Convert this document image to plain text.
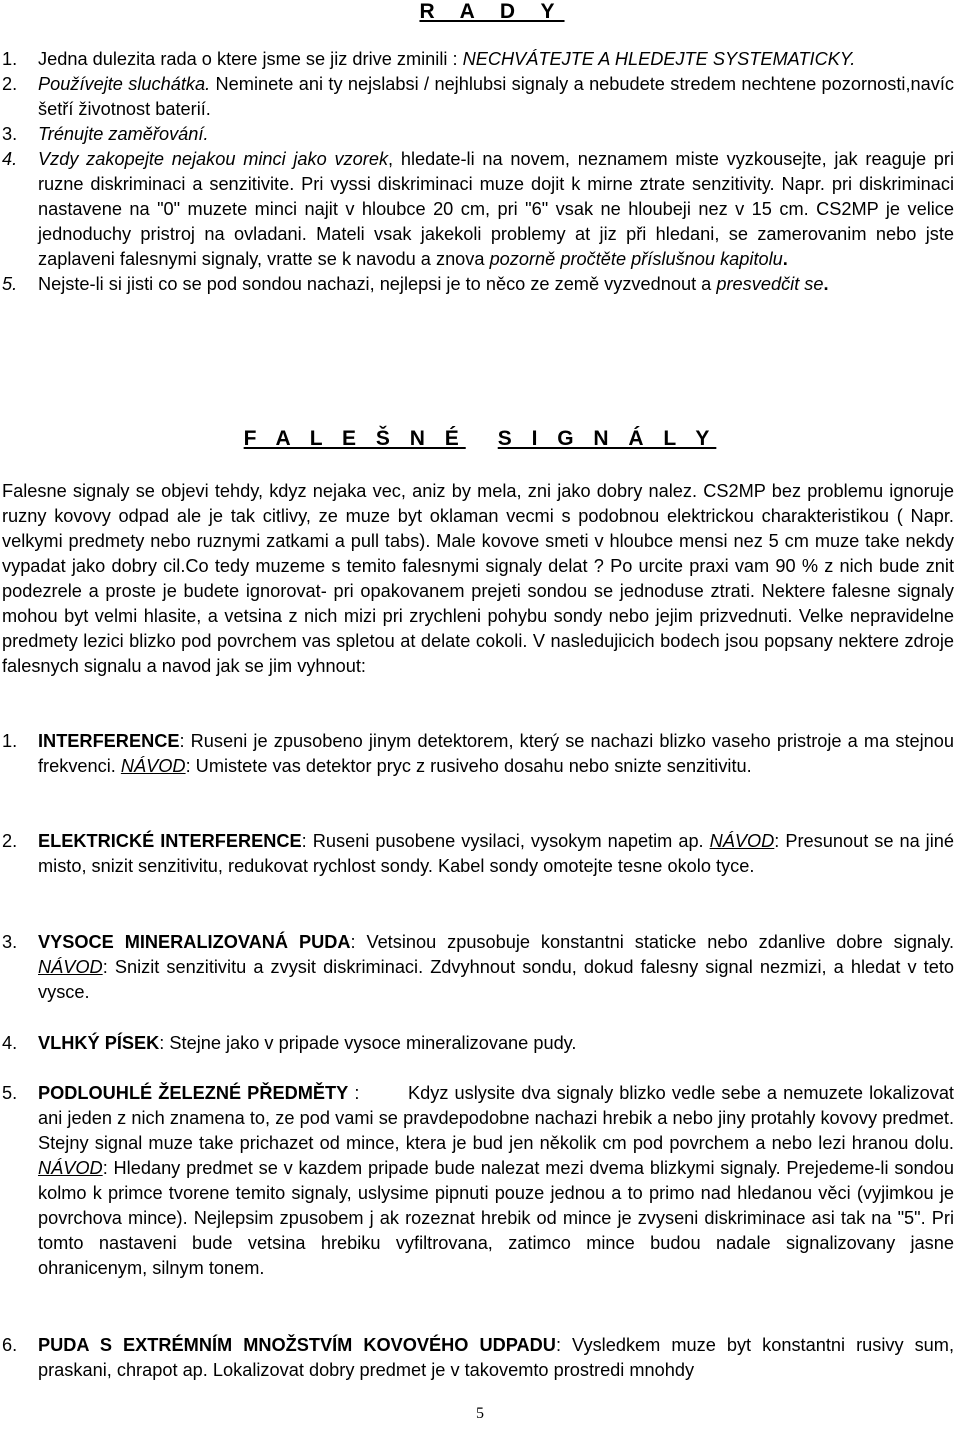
R A D Y
1. Jedna dulezita rada o ktere jsme se jiz drive zminili : NECHVÁTEJTE A HLEDEJTE SYSTEMATICKY.
2. Používejte sluchátka. Neminete ani ty nejslabsi / nejhlubsi signaly a nebudete stredem nechtene pozornosti,navíc šetří životnost baterií.
3. Trénujte zaměřování.
4. Vzdy zakopejte nejakou minci jako vzorek, hledate-li na novem, neznamem miste vyzkousejte, jak reaguje pri ruzne diskriminaci a senzitivite. Pri vyssi diskriminaci muze dojit k mirne ztrate senzitivity. Napr. pri diskriminaci nastavene na "0" muzete minci najit v hloubce 20 cm, pri "6" vsak ne hloubeji nez v 15 cm. CS2MP je velice jednoduchy pristroj na ovladani. Mateli vsak jakekoli problemy at jiz při hledani, se zamerovanim nebo jste zaplaveni falesnymi signaly, vratte se k navodu a znova pozorně pročtěte příslušnou kapitolu.
5. Nejste-li si jisti co se pod sondou nachazi, nejlepsi je to něco ze země vyzvednout a presvedčit se.
F A L E Š N É S I G N Á L Y
Falesne signaly se objevi tehdy, kdyz nejaka vec, aniz by mela, zni jako dobry nalez. CS2MP bez problemu ignoruje ruzny kovovy odpad ale je tak citlivy, ze muze byt oklaman vecmi s podobnou elektrickou charakteristikou ( Napr. velkymi predmety nebo ruznymi zatkami a pull tabs). Male kovove smeti v hloubce mensi nez 5 cm muze take nekdy vypadat jako dobry cil.Co tedy muzeme s temito falesnymi signaly delat ? Po urcite praxi vam 90 % z nich bude znit podezrele a proste je budete ignorovat- pri opakovanem prejeti sondou se jednoduse ztrati. Nektere falesne signaly mohou byt velmi hlasite, a vetsina z nich mizi pri zrychleni pohybu sondy nebo jejim prizvednuti. Velke nepravidelne predmety lezici blizko pod povrchem vas spletou at delate cokoli. V nasledujicich bodech jsou popsany nektere zdroje falesnych signalu a navod jak se jim vyhnout:
1. INTERFERENCE: Ruseni je zpusobeno jinym detektorem, který se nachazi blizko vaseho pristroje a ma stejnou frekvenci. NÁVOD: Umistete vas detektor pryc z rusiveho dosahu nebo snizte senzitivitu.
2. ELEKTRICKÉ INTERFERENCE: Ruseni pusobene vysilaci, vysokym napetim ap. NÁVOD: Presunout se na jiné misto, snizit senzitivitu, redukovat rychlost sondy. Kabel sondy omotejte tesne okolo tyce.
3. VYSOCE MINERALIZOVANÁ PUDA: Vetsinou zpusobuje konstantni staticke nebo zdanlive dobre signaly. NÁVOD: Snizit senzitivitu a zvysit diskriminaci. Zdvyhnout sondu, dokud falesny signal nezmizi, a hledat v teto vysce.
4. VLHKÝ PÍSEK: Stejne jako v pripade vysoce mineralizovane pudy.
5. PODLOUHLÉ ŽELEZNÉ PŘEDMĚTY :        Kdyz uslysite dva signaly blizko vedle sebe a nemuzete lokalizovat ani jeden z nich znamena to, ze pod vami se pravdepodobne nachazi hrebik a nebo jiny protahly kovovy predmet. Stejny signal muze take prichazet od mince, ktera je bud jen několik cm pod povrchem a nebo lezi hranou dolu. NÁVOD: Hledany predmet se v kazdem pripade bude nalezat mezi dvema blizkymi signaly. Prejedeme-li sondou kolmo k primce tvorene temito signaly, uslysime pipnuti pouze jednou a to primo nad hledanou věci (vyjimkou je povrchova mince). Nejlepsim zpusobem j ak rozeznat hrebik od mince je zvyseni diskriminace asi tak na "5". Pri tomto nastaveni bude vetsina hrebiku vyfiltrovana, zatimco mince budou nadale signalizovany jasne ohranicenym, silnym tonem.
6. PUDA S EXTRÉMNÍM MNOŽSTVÍM KOVOVÉHO UDPADU: Vysledkem muze byt konstantni rusivy sum, praskani, chrapot ap. Lokalizovat dobry predmet je v takovemto prostredi mnohdy
5
